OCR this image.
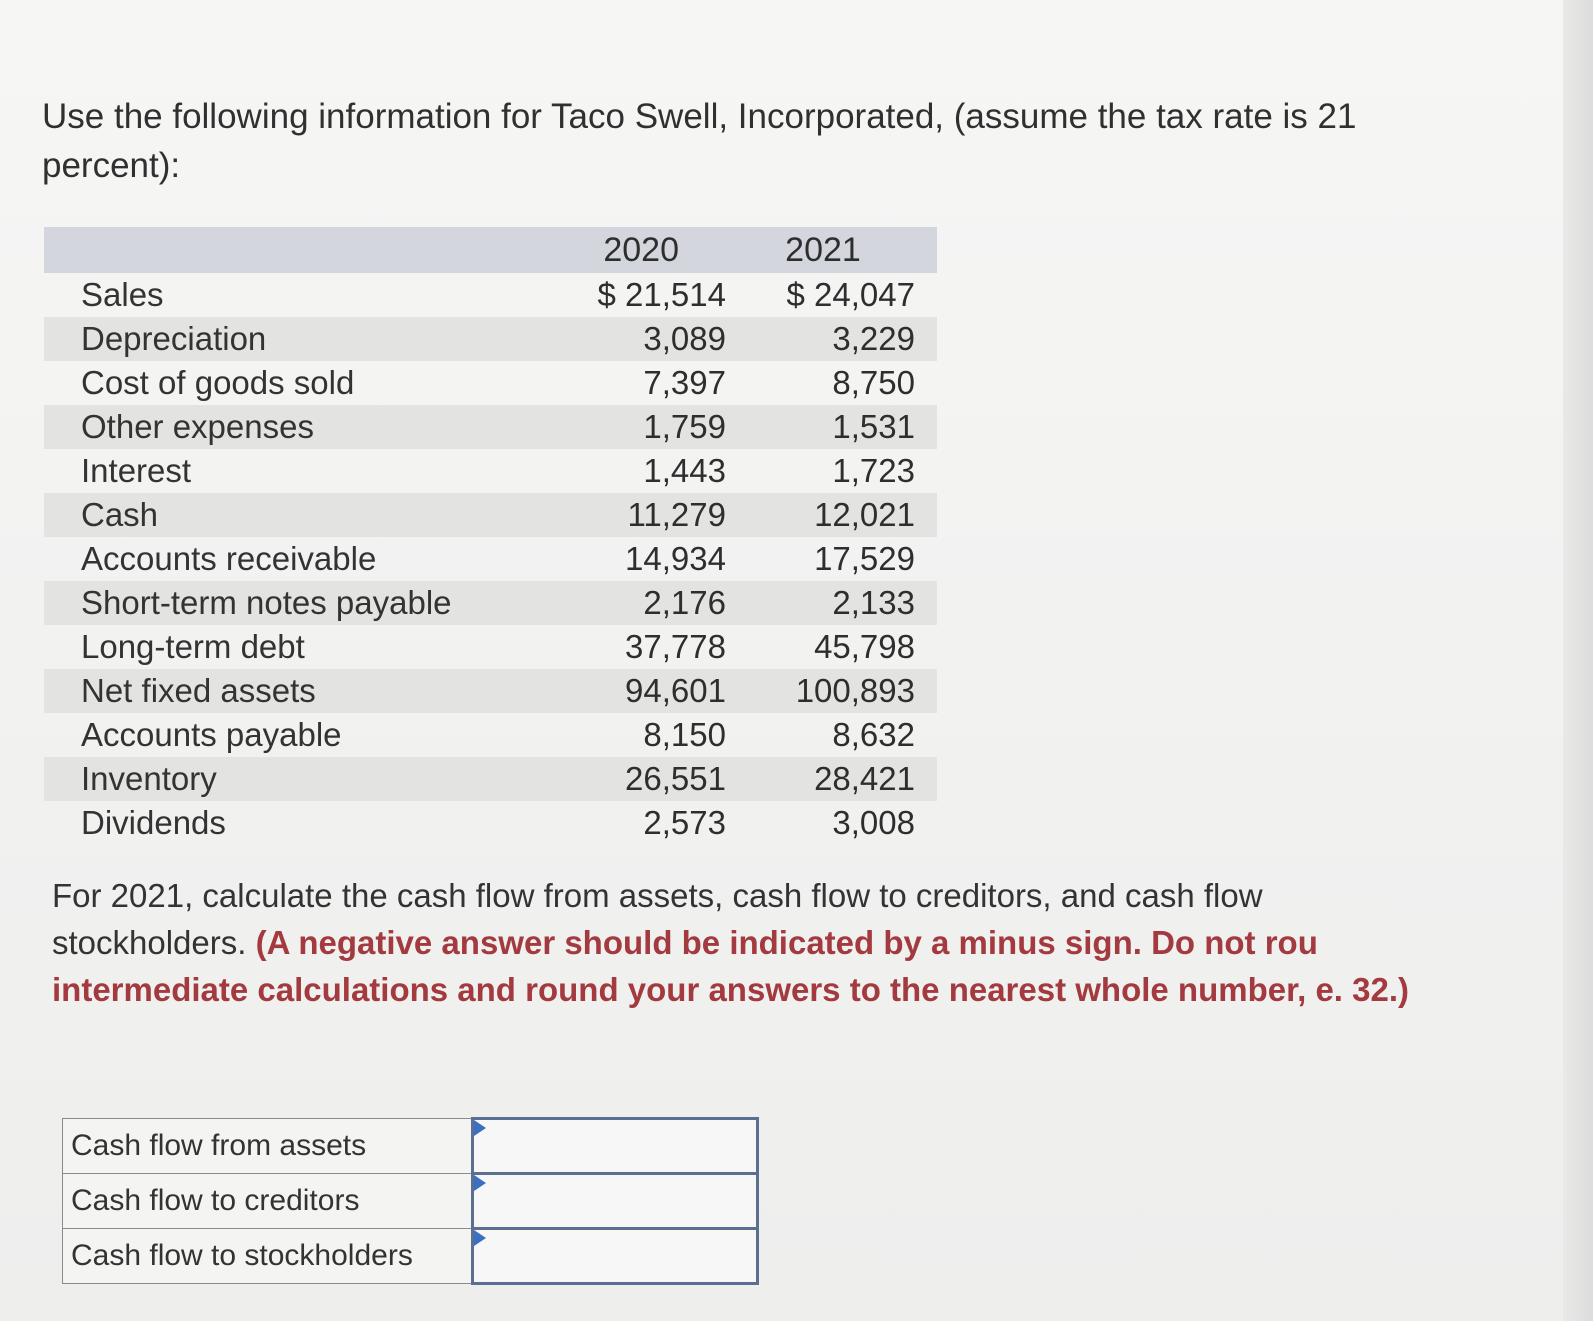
Use the following information for Taco Swell, Incorporated, (assume the tax rate is 21 percent):
	2020	2021
Sales	$ 21,514	$ 24,047
Depreciation	3,089	3,229
Cost of goods sold	7,397	8,750
Other expenses	1,759	1,531
Interest	1,443	1,723
Cash	11,279	12,021
Accounts receivable	14,934	17,529
Short-term notes payable	2,176	2,133
Long-term debt	37,778	45,798
Net fixed assets	94,601	100,893
Accounts payable	8,150	8,632
Inventory	26,551	28,421
Dividends	2,573	3,008
For 2021, calculate the cash flow from assets, cash flow to creditors, and cash flow stockholders. (A negative answer should be indicated by a minus sign. Do not rou intermediate calculations and round your answers to the nearest whole number, e. 32.)
Cash flow from assets	

Cash flow to creditors	

Cash flow to stockholders	
